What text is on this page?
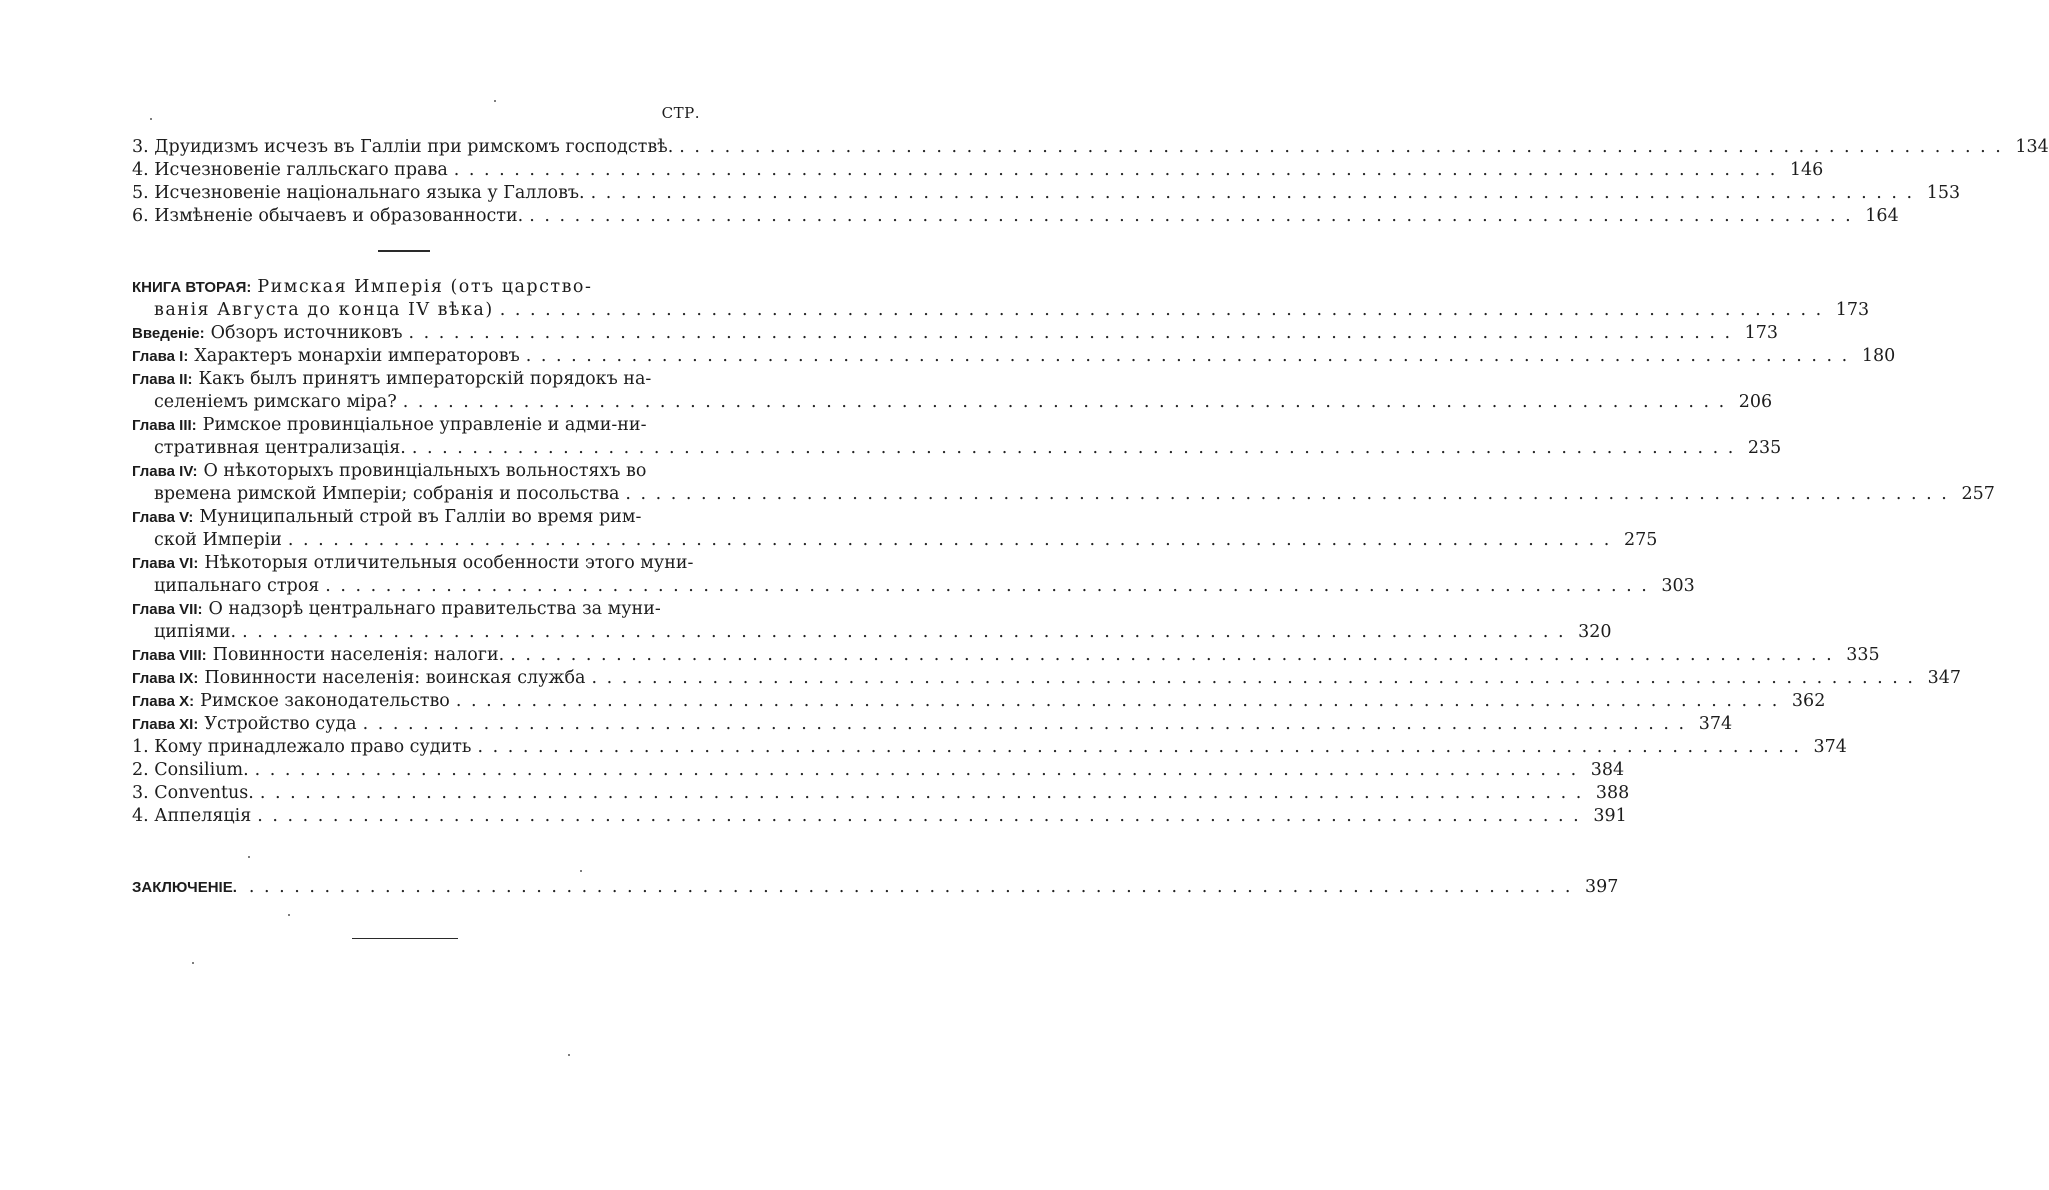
СТР.
3. Друидизмъ исчезъ въ Галліи при римскомъ господствѣ. . . .	134
4. Исчезновеніе галльскаго права . . .	146
5. Исчезновеніе національнаго языка у Галловъ. . . .	153
6. Измѣненіе обычаевъ и образованности. . . .	164
КНИГА ВТОРАЯ: Римская Имперія (отъ царство-
ванія Августа до конца IV вѣка) . . .	173
Введеніе: Обзоръ источниковъ . . .	173
Глава I: Характеръ монархіи императоровъ . . .	180
Глава II: Какъ былъ принятъ императорскій порядокъ на-
селеніемъ римскаго міра? . . .	206
Глава III: Римское провинціальное управленіе и адми-ни-
стративная централизація. . . .	235
Глава IV: О нѣкоторыхъ провинціальныхъ вольностяхъ во
времена римской Имперіи; собранія и посольства . . .	257
Глава V: Муниципальный строй въ Галліи во время рим-
ской Имперіи . . .	275
Глава VI: Нѣкоторыя отличительныя особенности этого муни-
ципальнаго строя . . .	303
Глава VII: О надзорѣ центральнаго правительства за муни-
ципіями. . . .	320
Глава VIII: Повинности населенія: налоги. . . .	335
Глава IX: Повинности населенія: воинская служба . . .	347
Глава X: Римское законодательство . . .	362
Глава XI: Устройство суда . . .	374
1. Кому принадлежало право судить . . .	374
2. Consilium. . . .	384
3. Conventus. . . .	388
4. Аппеляція . . .	391
ЗАКЛЮЧЕНІЕ. . . .	397
